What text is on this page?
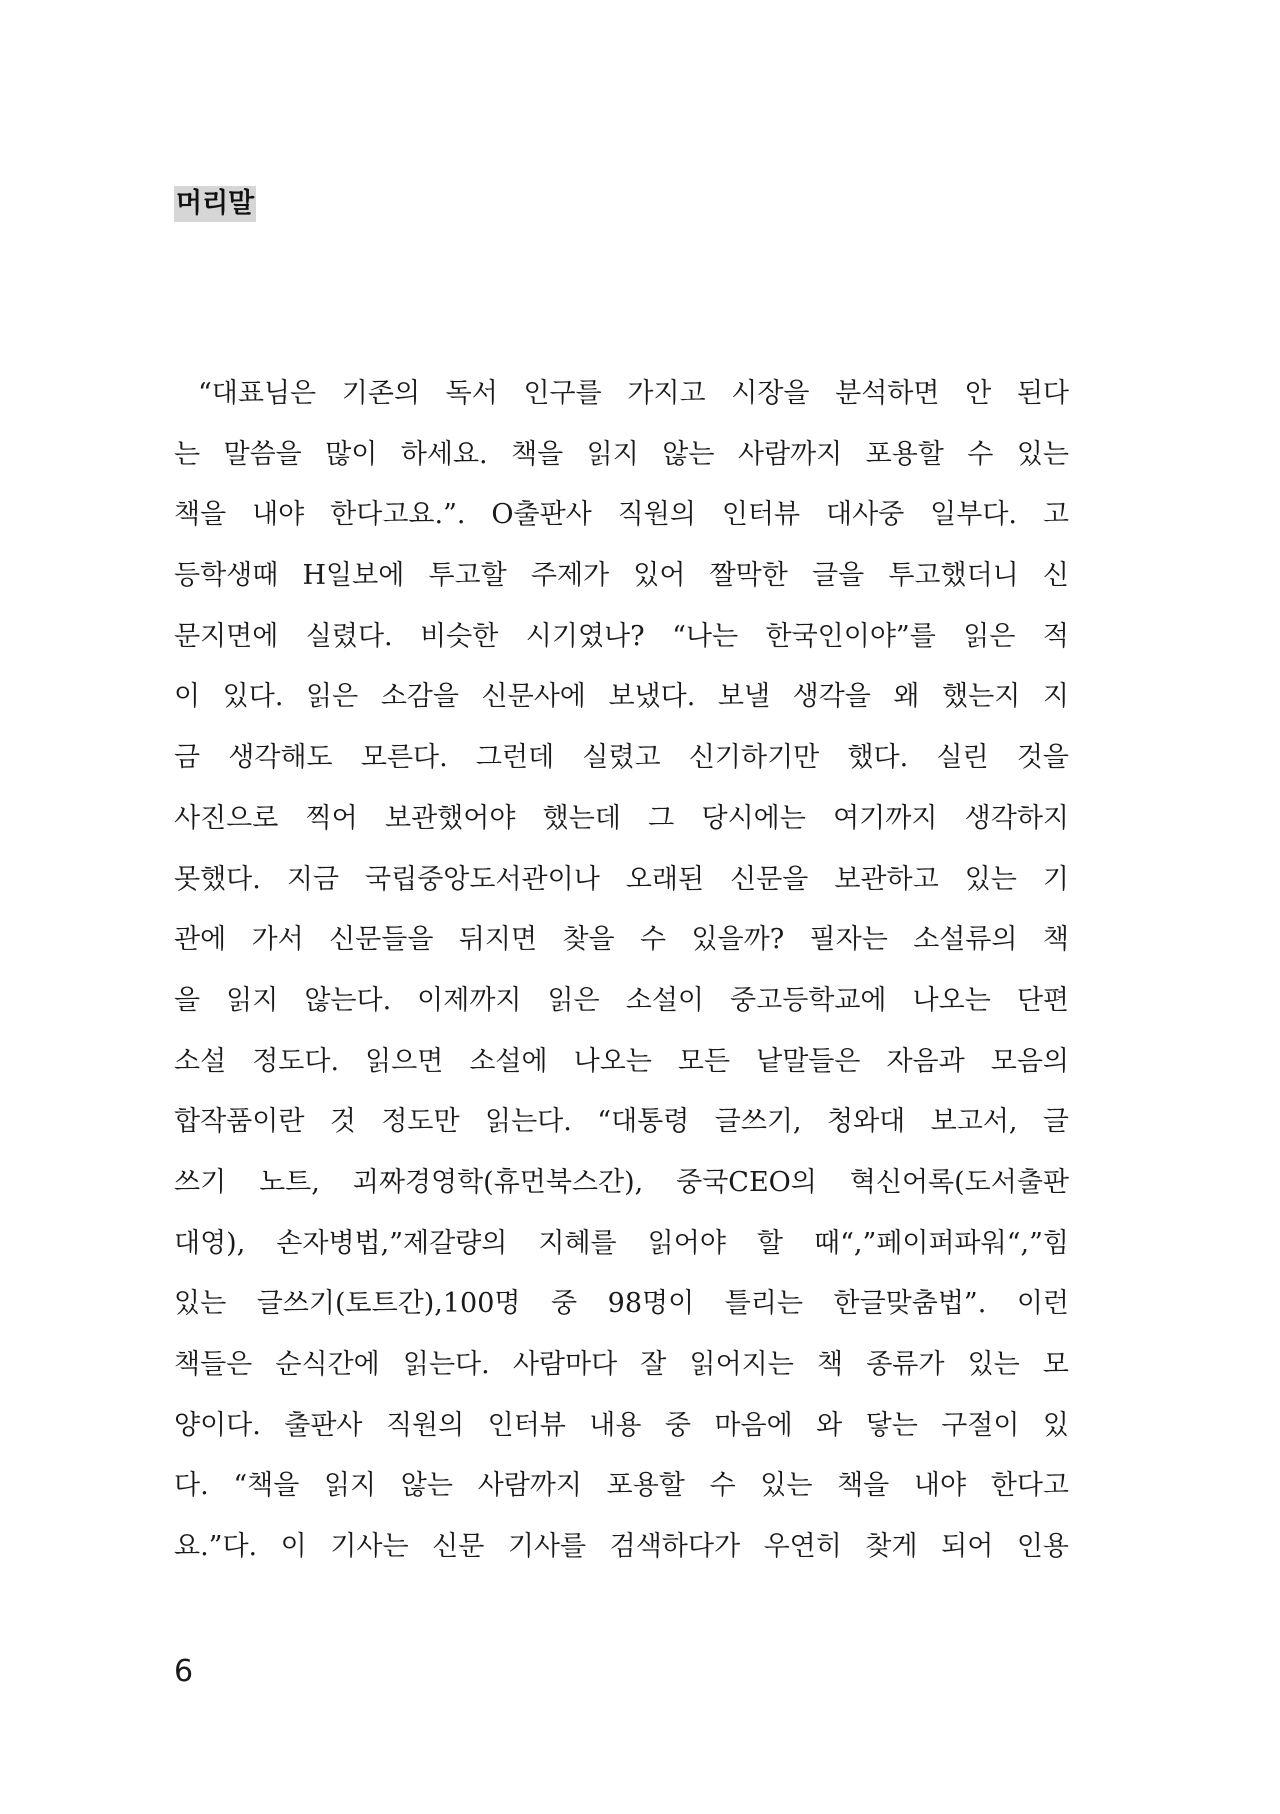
머리말
“대표님은 기존의 독서 인구를 가지고 시장을 분석하면 안 된다
는 말씀을 많이 하세요. 책을 읽지 않는 사람까지 포용할 수 있는
책을 내야 한다고요.”. O출판사 직원의 인터뷰 대사중 일부다. 고
등학생때 H일보에 투고할 주제가 있어 짤막한 글을 투고했더니 신
문지면에 실렸다. 비슷한 시기였나? “나는 한국인이야”를 읽은 적
이 있다. 읽은 소감을 신문사에 보냈다. 보낼 생각을 왜 했는지 지
금 생각해도 모른다. 그런데 실렸고 신기하기만 했다. 실린 것을
사진으로 찍어 보관했어야 했는데 그 당시에는 여기까지 생각하지
못했다. 지금 국립중앙도서관이나 오래된 신문을 보관하고 있는 기
관에 가서 신문들을 뒤지면 찾을 수 있을까? 필자는 소설류의 책
을 읽지 않는다. 이제까지 읽은 소설이 중고등학교에 나오는 단편
소설 정도다. 읽으면 소설에 나오는 모든 낱말들은 자음과 모음의
합작품이란 것 정도만 읽는다. “대통령 글쓰기, 청와대 보고서, 글
쓰기 노트, 괴짜경영학(휴먼북스간), 중국CEO의 혁신어록(도서출판
대영), 손자병법,”제갈량의 지혜를 읽어야 할 때“,”페이퍼파워“,”힘
있는 글쓰기(토트간),100명 중 98명이 틀리는 한글맞춤법”. 이런
책들은 순식간에 읽는다. 사람마다 잘 읽어지는 책 종류가 있는 모
양이다. 출판사 직원의 인터뷰 내용 중 마음에 와 닿는 구절이 있
다. “책을 읽지 않는 사람까지 포용할 수 있는 책을 내야 한다고
요.”다. 이 기사는 신문 기사를 검색하다가 우연히 찾게 되어 인용
6
